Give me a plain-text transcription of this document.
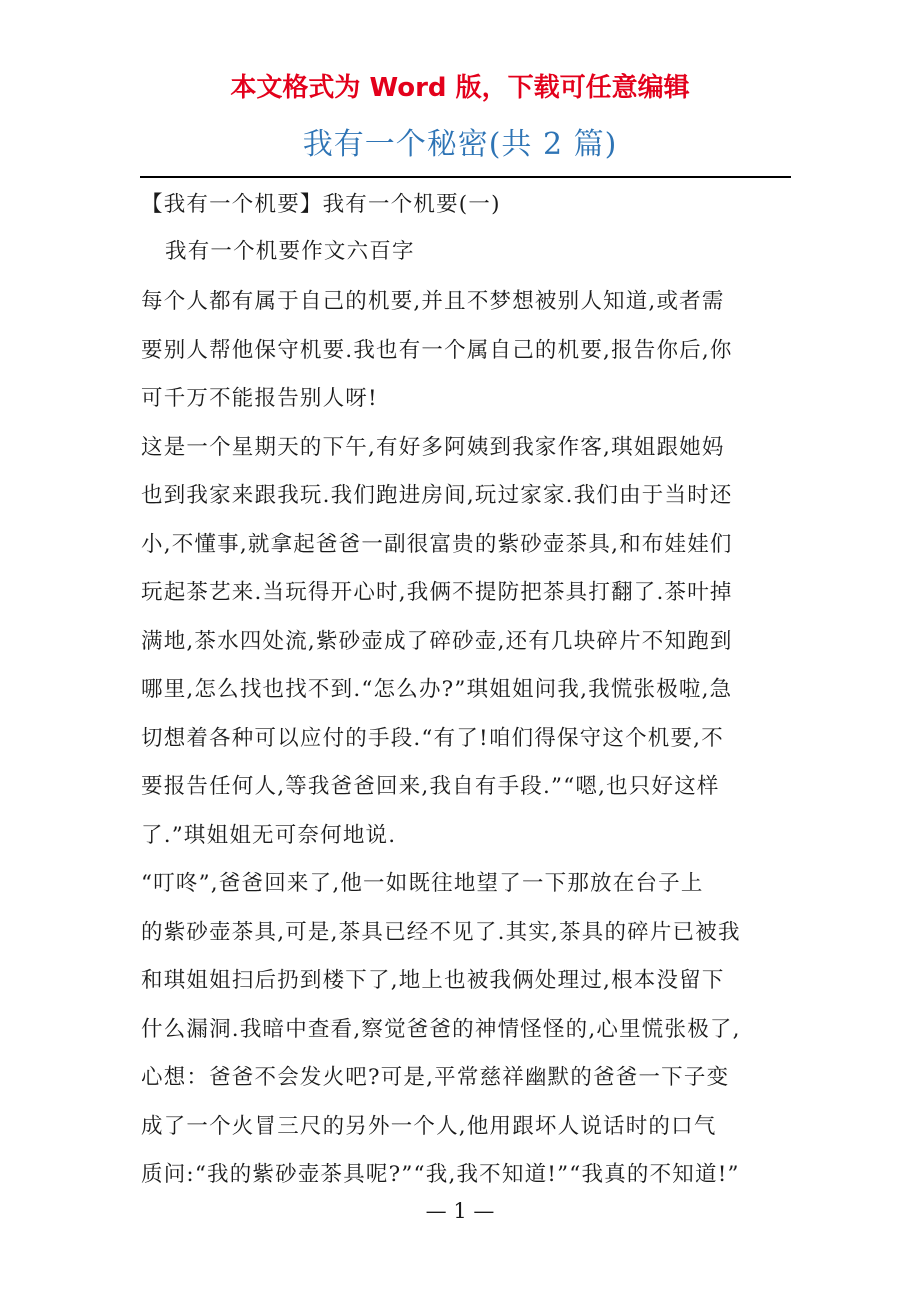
本文格式为 Word 版，下载可任意编辑
我有一个秘密(共 2 篇)

【我有一个机要】我有一个机要(一)

我有一个机要作文六百字

每个人都有属于自己的机要,并且不梦想被别人知道,或者需

要别人帮他保守机要.我也有一个属自己的机要,报告你后,你

可千万不能报告别人呀!

这是一个星期天的下午,有好多阿姨到我家作客,琪姐跟她妈

也到我家来跟我玩.我们跑进房间,玩过家家.我们由于当时还

小,不懂事,就拿起爸爸一副很富贵的紫砂壶茶具,和布娃娃们

玩起茶艺来.当玩得开心时,我俩不提防把茶具打翻了.茶叶掉

满地,茶水四处流,紫砂壶成了碎砂壶,还有几块碎片不知跑到

哪里,怎么找也找不到.“怎么办?”琪姐姐问我,我慌张极啦,急

切想着各种可以应付的手段.“有了!咱们得保守这个机要,不

要报告任何人,等我爸爸回来,我自有手段.”“嗯,也只好这样

了.”琪姐姐无可奈何地说.

“叮咚”,爸爸回来了,他一如既往地望了一下那放在台子上

的紫砂壶茶具,可是,茶具已经不见了.其实,茶具的碎片已被我

和琪姐姐扫后扔到楼下了,地上也被我俩处理过,根本没留下

什么漏洞.我暗中查看,察觉爸爸的神情怪怪的,心里慌张极了,

心想：爸爸不会发火吧?可是,平常慈祥幽默的爸爸一下子变

成了一个火冒三尺的另外一个人,他用跟坏人说话时的口气

质问:“我的紫砂壶茶具呢?”“我,我不知道!”“我真的不知道!”

— 1 —
